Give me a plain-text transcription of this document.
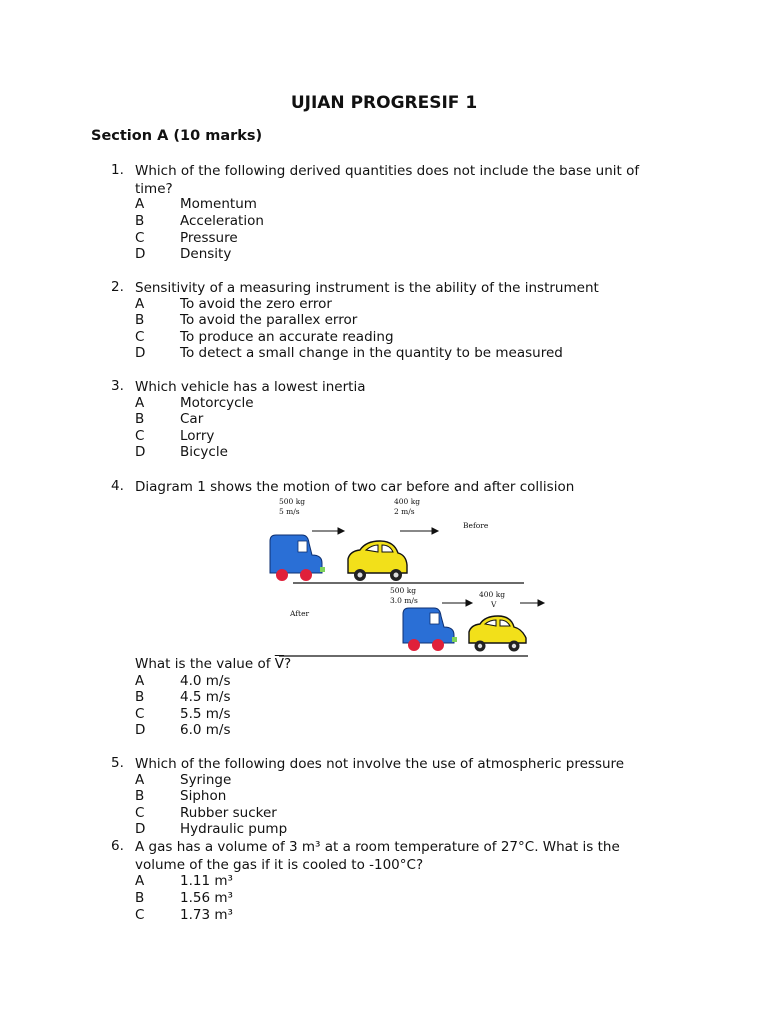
UJIAN PROGRESIF 1
Section A (10 marks)
1. Which of the following derived quantities does not include the base unit of time?
A	Momentum
B	Acceleration
C	Pressure
D	Density
2. Sensitivity of a measuring instrument is the ability of the instrument
A	To avoid the zero error
B	To avoid the parallex error
C	To produce an accurate reading
D	To detect a small change in the quantity to be measured
3. Which vehicle has a lowest inertia
A	Motorcycle
B	Car
C	Lorry
D	Bicycle
4. Diagram 1 shows the motion of two car before and after collision
500 kg
5 m/s
400 kg
2 m/s
Before
500 kg
3.0 m/s
400 kg
V
After
What is the value of $\overline{V}$?
A	4.0 m/s
B	4.5 m/s
C	5.5 m/s
D	6.0 m/s
5. Which of the following does not involve the use of atmospheric pressure
A	Syringe
B	Siphon
C	Rubber sucker
D	Hydraulic pump
6. A gas has a volume of 3 m³ at a room temperature of 27°C. What is the volume of the gas if it is cooled to -100°C?
A	1.11 m³
B	1.56 m³
C	1.73 m³
